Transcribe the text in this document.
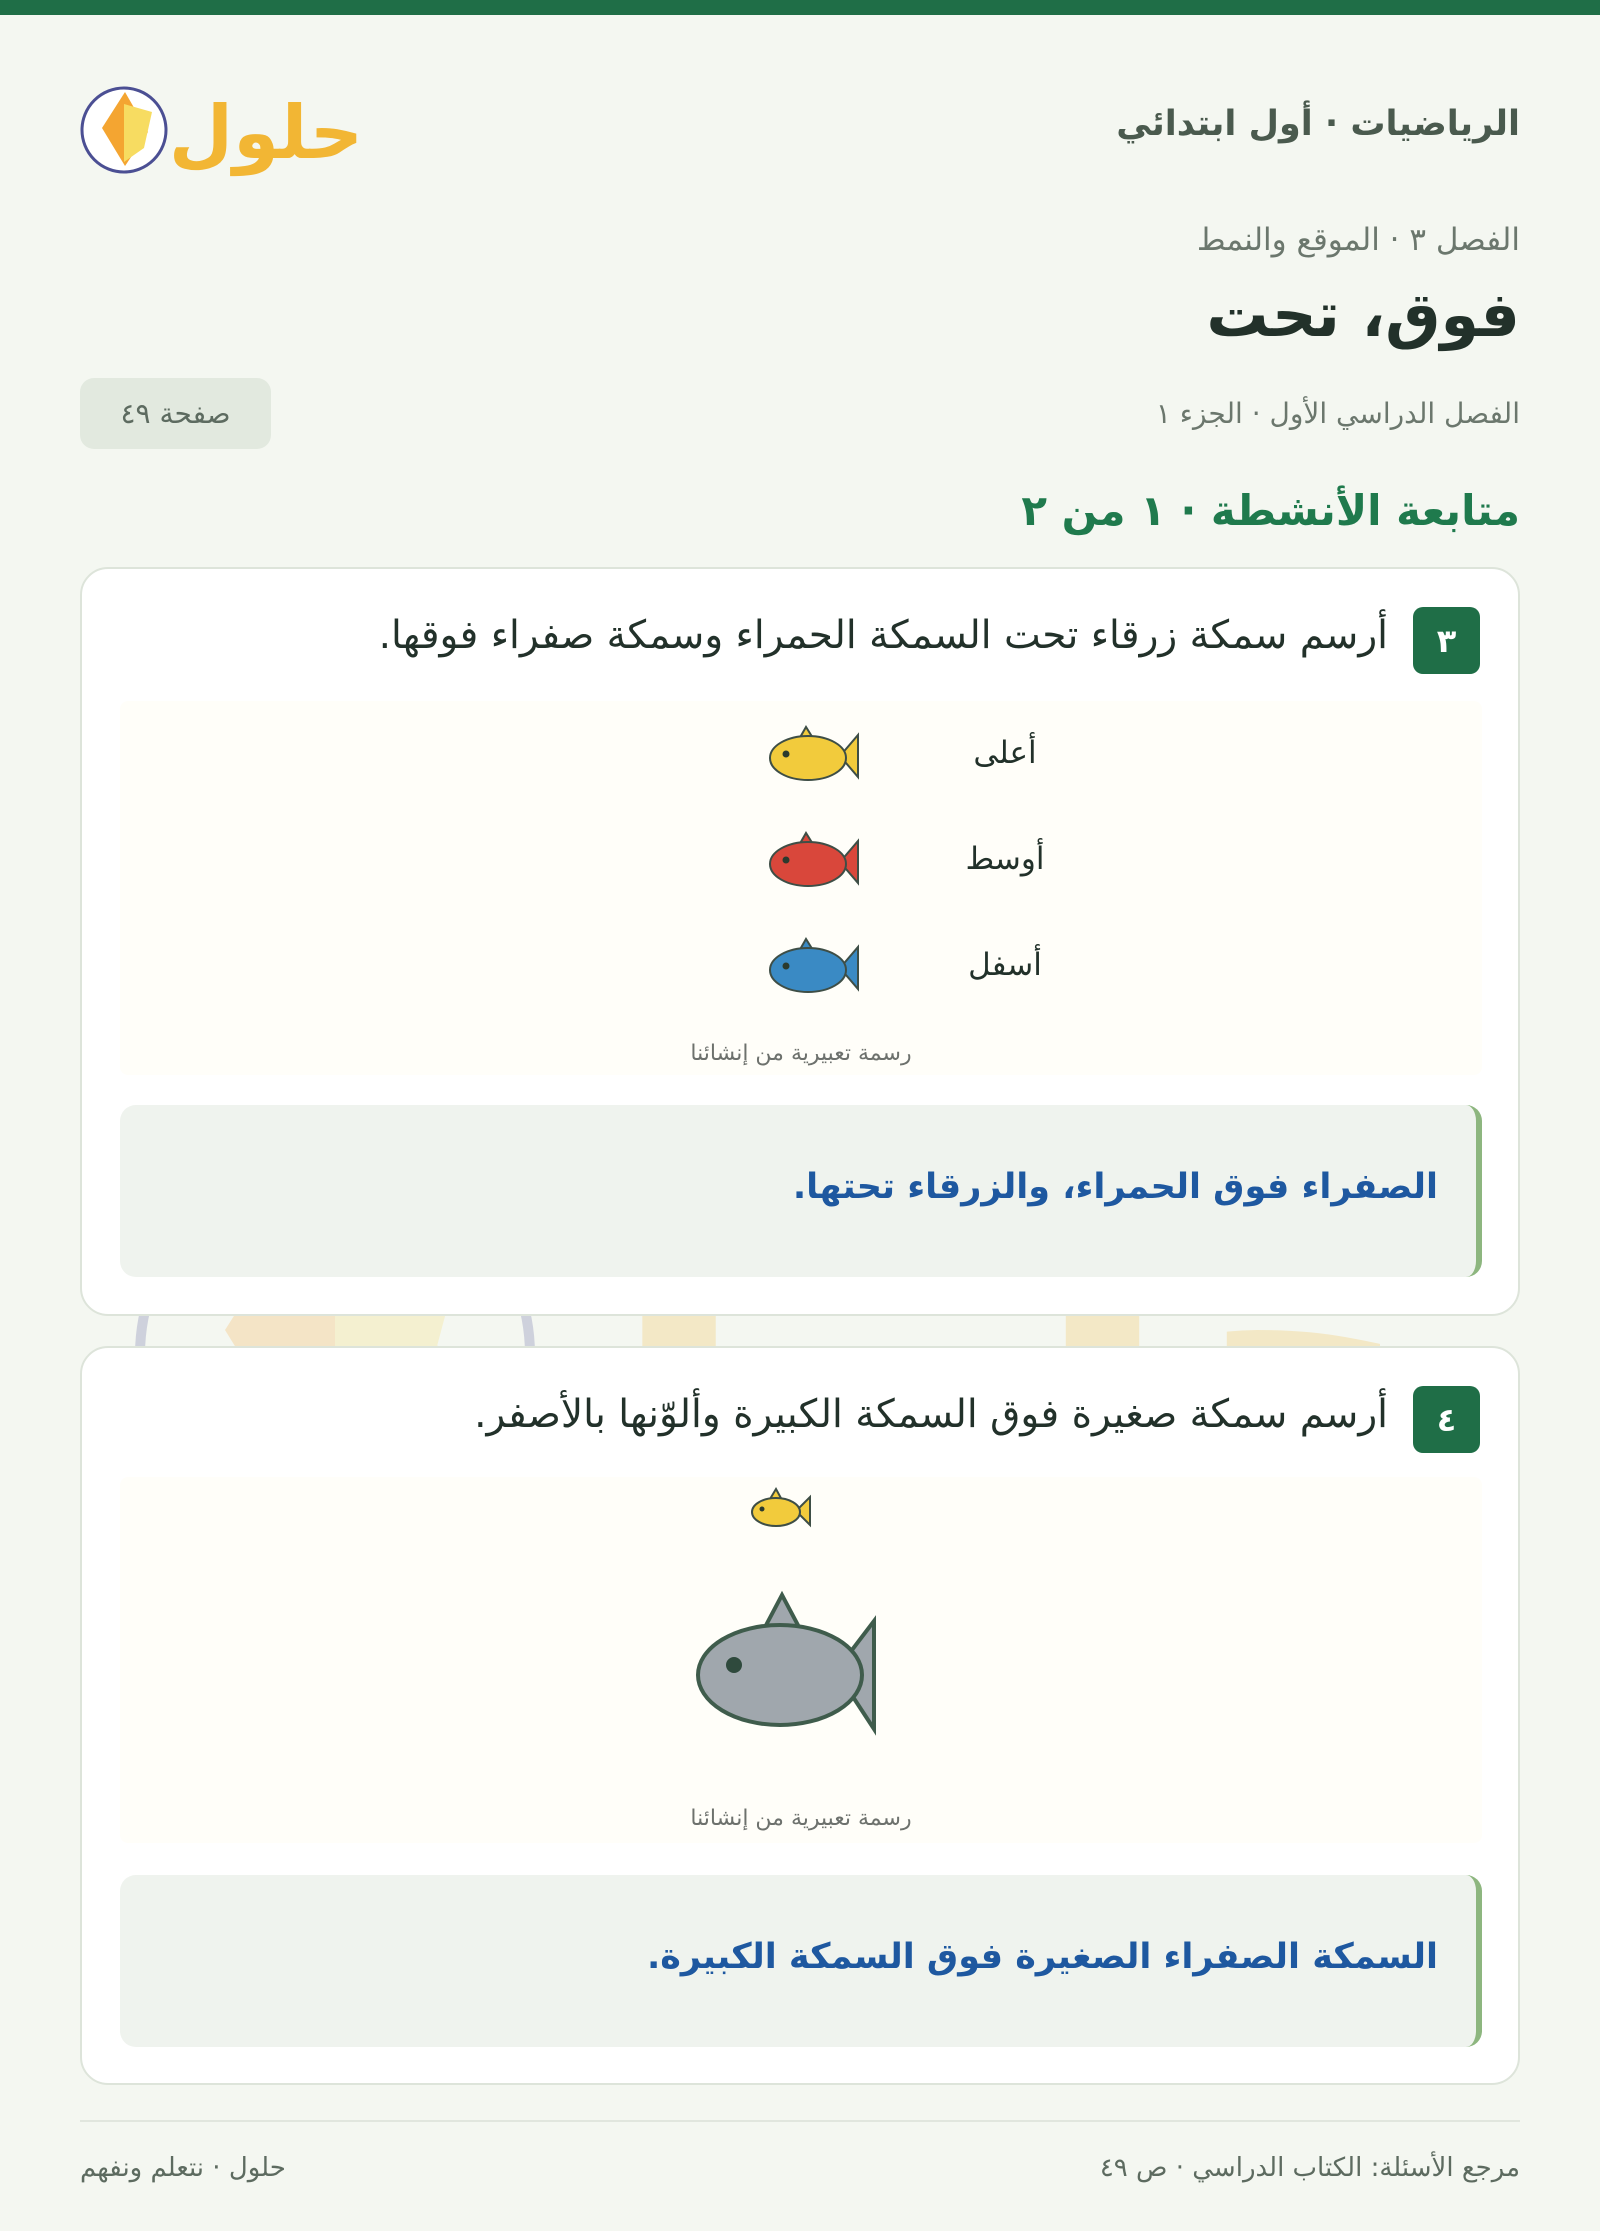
الرياضيات · أول ابتدائي
حلول
الفصل ٣ · الموقع والنمط
فوق، تحت
الفصل الدراسي الأول · الجزء ١
صفحة ٤٩
متابعة الأنشطة · ١ من ٢
٣
أرسم سمكة زرقاء تحت السمكة الحمراء وسمكة صفراء فوقها.
أعلى
أوسط
أسفل
رسمة تعبيرية من إنشائنا
الصفراء فوق الحمراء، والزرقاء تحتها.
٤
أرسم سمكة صغيرة فوق السمكة الكبيرة وألوّنها بالأصفر.
رسمة تعبيرية من إنشائنا
السمكة الصفراء الصغيرة فوق السمكة الكبيرة.
مرجع الأسئلة: الكتاب الدراسي · ص ٤٩
حلول · نتعلم ونفهم
